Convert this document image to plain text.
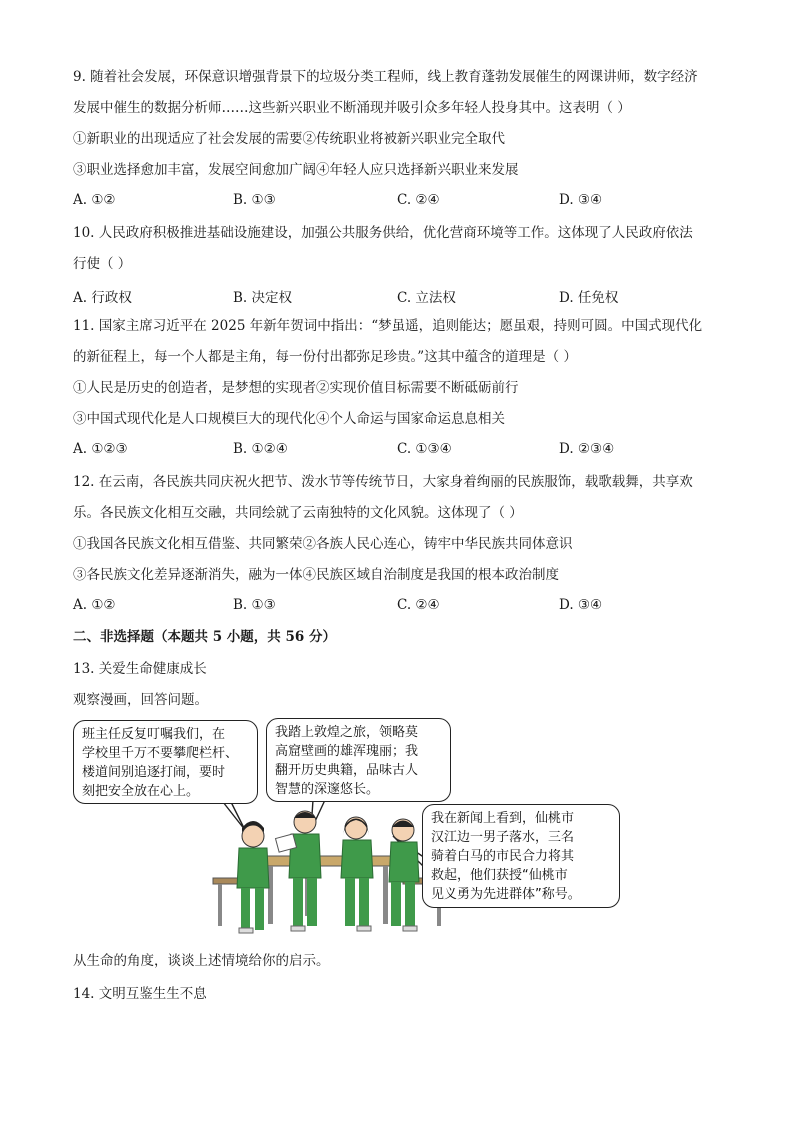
9. 随着社会发展，环保意识增强背景下的垃圾分类工程师，线上教育蓬勃发展催生的网课讲师，数字经济
发展中催生的数据分析师……这些新兴职业不断涌现并吸引众多年轻人投身其中。这表明（ ）
①新职业的出现适应了社会发展的需要②传统职业将被新兴职业完全取代
③职业选择愈加丰富，发展空间愈加广阔④年轻人应只选择新兴职业来发展
A. ①②	B. ①③	C. ②④	D. ③④
10. 人民政府积极推进基础设施建设，加强公共服务供给，优化营商环境等工作。这体现了人民政府依法
行使（ ）
A. 行政权	B. 决定权	C. 立法权	D. 任免权
11. 国家主席习近平在 2025 年新年贺词中指出：“梦虽遥，追则能达；愿虽艰，持则可圆。中国式现代化
的新征程上，每一个人都是主角，每一份付出都弥足珍贵。”这其中蕴含的道理是（ ）
①人民是历史的创造者，是梦想的实现者②实现价值目标需要不断砥砺前行
③中国式现代化是人口规模巨大的现代化④个人命运与国家命运息息相关
A. ①②③	B. ①②④	C. ①③④	D. ②③④
12. 在云南，各民族共同庆祝火把节、泼水节等传统节日，大家身着绚丽的民族服饰，载歌载舞，共享欢
乐。各民族文化相互交融，共同绘就了云南独特的文化风貌。这体现了（ ）
①我国各民族文化相互借鉴、共同繁荣②各族人民心连心，铸牢中华民族共同体意识
③各民族文化差异逐渐消失，融为一体④民族区域自治制度是我国的根本政治制度
A. ①②	B. ①③	C. ②④	D. ③④
二、非选择题（本题共 5 小题，共 56 分）
13. 关爱生命健康成长
观察漫画，回答问题。
班主任反复叮嘱我们，在
学校里千万不要攀爬栏杆、
楼道间别追逐打闹，要时
刻把安全放在心上。
我踏上敦煌之旅，领略莫
高窟壁画的雄浑瑰丽；我
翻开历史典籍，品味古人
智慧的深邃悠长。
我在新闻上看到，仙桃市
汉江边一男子落水，三名
骑着白马的市民合力将其
救起，他们获授“仙桃市
见义勇为先进群体”称号。
从生命的角度，谈谈上述情境给你的启示。
14. 文明互鉴生生不息
